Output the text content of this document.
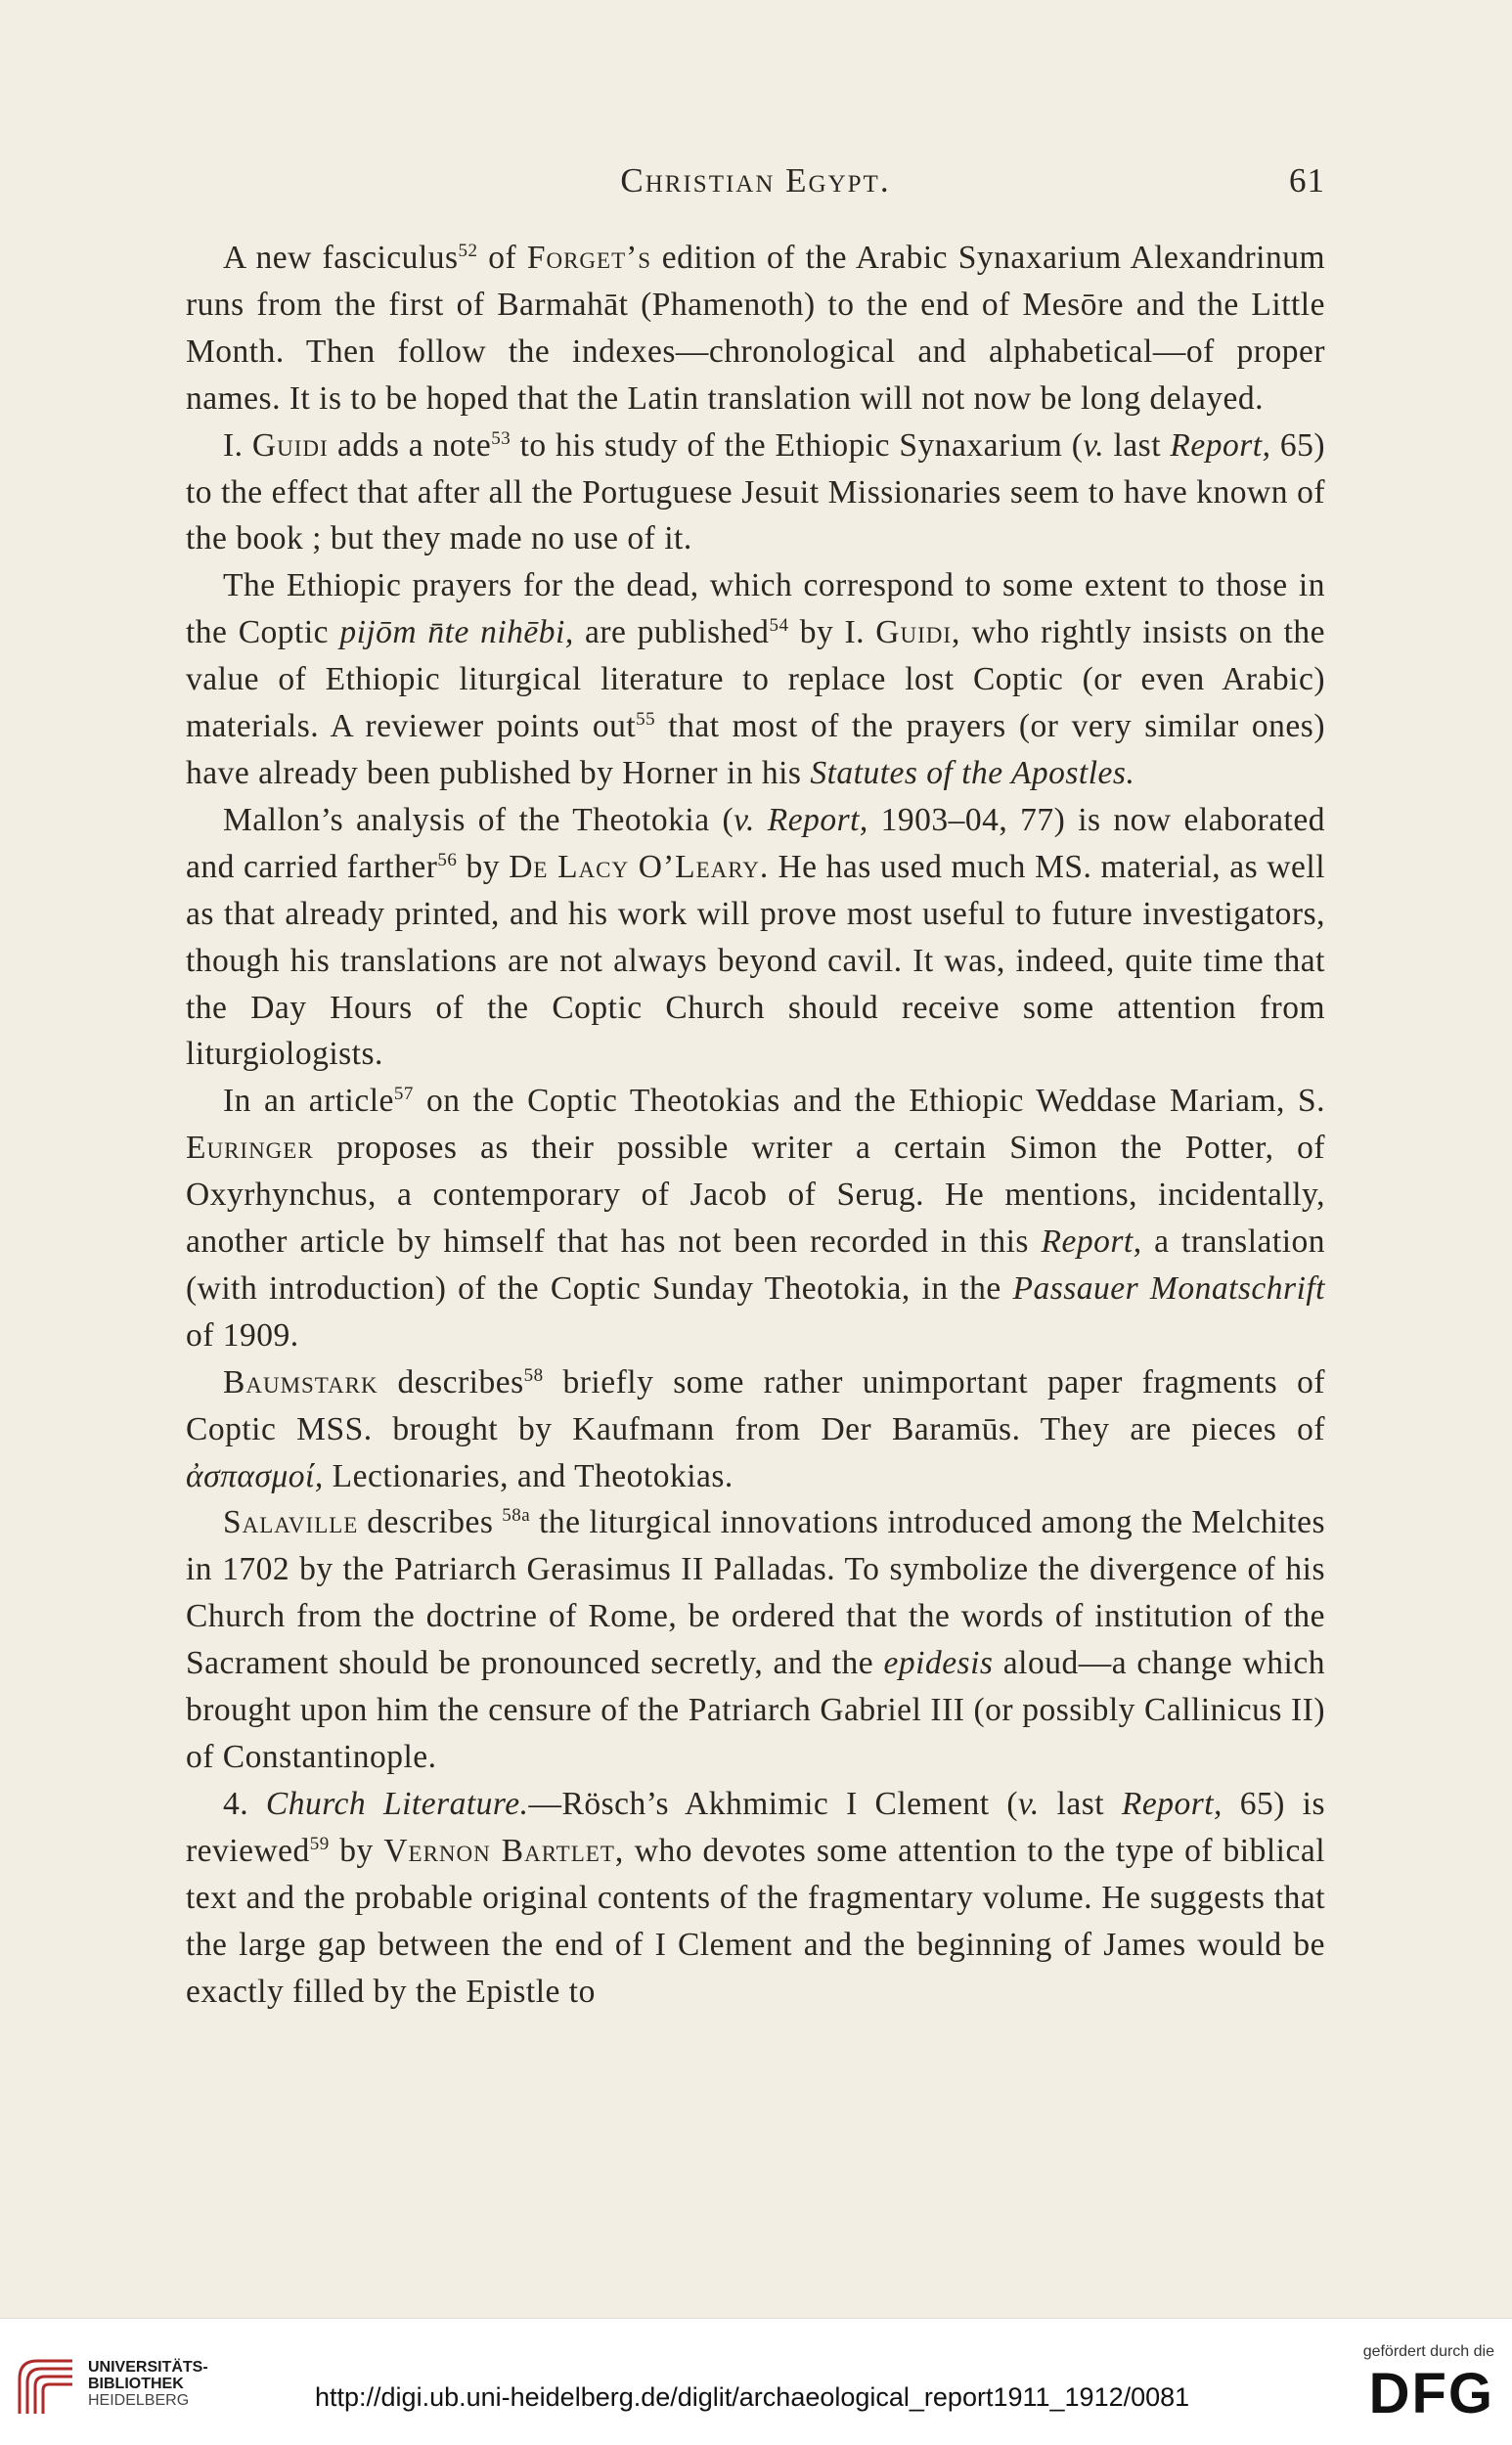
Christian Egypt.	61

A new fasciculus$^{52}$ of Forget’s edition of the Arabic Synaxarium Alexandrinum runs from the first of Barmahāt (Phamenoth) to the end of Mesōre and the Little Month. Then follow the indexes—chronological and alphabetical—of proper names. It is to be hoped that the Latin translation will not now be long delayed.

I. Guidi adds a note$^{53}$ to his study of the Ethiopic Synaxarium (v. last Report, 65) to the effect that after all the Portuguese Jesuit Missionaries seem to have known of the book ; but they made no use of it.

The Ethiopic prayers for the dead, which correspond to some extent to those in the Coptic pijōm n̄te nihēbi, are published$^{54}$ by I. Guidi, who rightly insists on the value of Ethiopic liturgical literature to replace lost Coptic (or even Arabic) materials. A reviewer points out$^{55}$ that most of the prayers (or very similar ones) have already been published by Horner in his Statutes of the Apostles.

Mallon’s analysis of the Theotokia (v. Report, 1903–04, 77) is now elaborated and carried farther$^{56}$ by De Lacy O’Leary. He has used much MS. material, as well as that already printed, and his work will prove most useful to future investigators, though his translations are not always beyond cavil. It was, indeed, quite time that the Day Hours of the Coptic Church should receive some attention from liturgiologists.

In an article$^{57}$ on the Coptic Theotokias and the Ethiopic Weddase Mariam, S. Euringer proposes as their possible writer a certain Simon the Potter, of Oxyrhynchus, a contemporary of Jacob of Serug. He mentions, incidentally, another article by himself that has not been recorded in this Report, a translation (with introduction) of the Coptic Sunday Theotokia, in the Passauer Monatschrift of 1909.

Baumstark describes$^{58}$ briefly some rather unimportant paper fragments of Coptic MSS. brought by Kaufmann from Der Baramūs. They are pieces of ἀσπασμοί, Lectionaries, and Theotokias.

Salaville describes $^{58a}$ the liturgical innovations introduced among the Melchites in 1702 by the Patriarch Gerasimus II Palladas. To symbolize the divergence of his Church from the doctrine of Rome, be ordered that the words of institution of the Sacrament should be pronounced secretly, and the epidesis aloud—a change which brought upon him the censure of the Patriarch Gabriel III (or possibly Callinicus II) of Constantinople.

4. Church Literature.—Rösch’s Akhmimic I Clement (v. last Report, 65) is reviewed$^{59}$ by Vernon Bartlet, who devotes some attention to the type of biblical text and the probable original contents of the fragmentary volume. He suggests that the large gap between the end of I Clement and the beginning of James would be exactly filled by the Epistle to

UNIVERSITÄTS-
BIBLIOTHEK
HEIDELBERG	http://digi.ub.uni-heidelberg.de/diglit/archaeological_report1911_1912/0081
gefördert durch die
DFG
